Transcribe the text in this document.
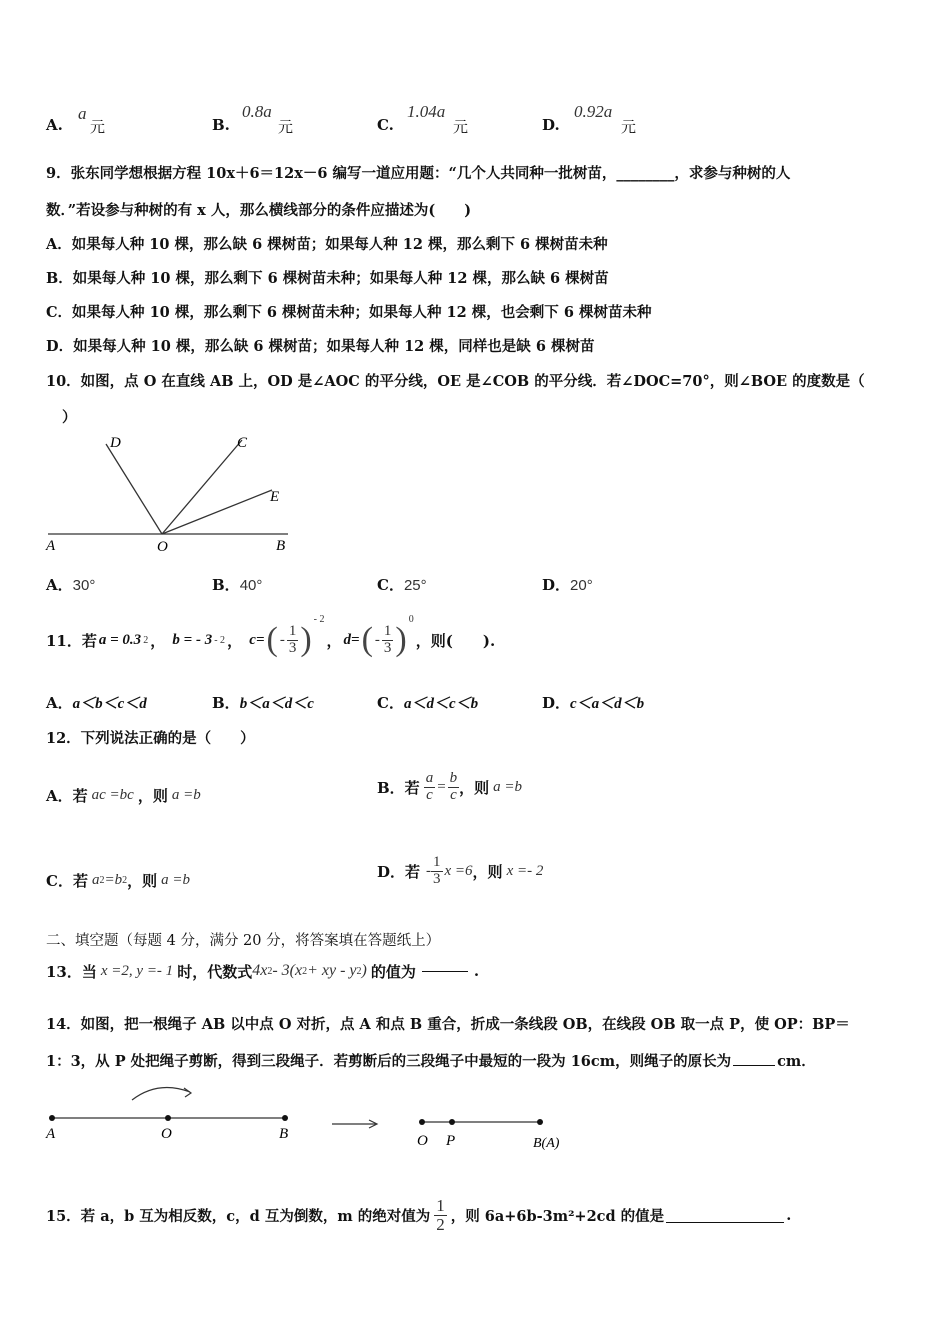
A.
a
元	B.
0.8a
元	C.
1.04a
元	D.
0.92a
元
9．张东同学想根据方程 10x＋6＝12x－6 编写一道应用题：“几个人共同种一批树苗，________，求参与种树的人
数．”若设参与种树的有 x 人，那么横线部分的条件应描述为(　　)
A．如果每人种 10 棵，那么缺 6 棵树苗；如果每人种 12 棵，那么剩下 6 棵树苗未种
B．如果每人种 10 棵，那么剩下 6 棵树苗未种；如果每人种 12 棵，那么缺 6 棵树苗
C．如果每人种 10 棵，那么剩下 6 棵树苗未种；如果每人种 12 棵，也会剩下 6 棵树苗未种
D．如果每人种 10 棵，那么缺 6 棵树苗；如果每人种 12 棵，同样也是缺 6 棵树苗
10．如图，点 O 在直线 AB 上，OD 是∠AOC 的平分线，OE 是∠COB 的平分线．若∠DOC=70°，则∠BOE 的度数是（
）
A	O	B
D	C
E
A．30°	B．40°	C．25°	D．20°
11．若 a = 0.3 2 ， b = - 3 - 2 ， c= ( - $\frac{1}{3}$ )
$^{- 2}$
， d= ( - $\frac{1}{3}$ )
$^0$
，则(　　).
A．a＜b＜c＜d	B．b＜a＜d＜c	C．a＜d＜c＜b	D．c＜a＜d＜b
12．下列说法正确的是（　　）
A．若 ac =bc ，则 a =b	B．若 $\frac{a}{c} = \frac{b}{c}$ ，则 a =b
C．若 a 2 =b 2 ，则 a =b	D．若 - $\frac{1}{3}$ x =6 ，则 x =- 2
二、填空题（每题 4 分，满分 20 分，将答案填在答题纸上）
13．当 x =2, y =- 1 时，代数式 4x 2 - 3(x 2 + xy - y 2 ) 的值为	.
14．如图，把一根绳子 AB 以中点 O 对折，点 A 和点 B 重合，折成一条线段 OB，在线段 OB 取一点 P，使 OP：BP＝
1：3，从 P 处把绳子剪断，得到三段绳子．若剪断后的三段绳子中最短的一段为 16cm，则绳子的原长为	cm．
A	O	B	O P	B(A)
15．若 a，b 互为相反数，c，d 互为倒数，m 的绝对值为 $\frac{1}{2}$ ，则 6a+6b-3m²+2cd 的值是	.
